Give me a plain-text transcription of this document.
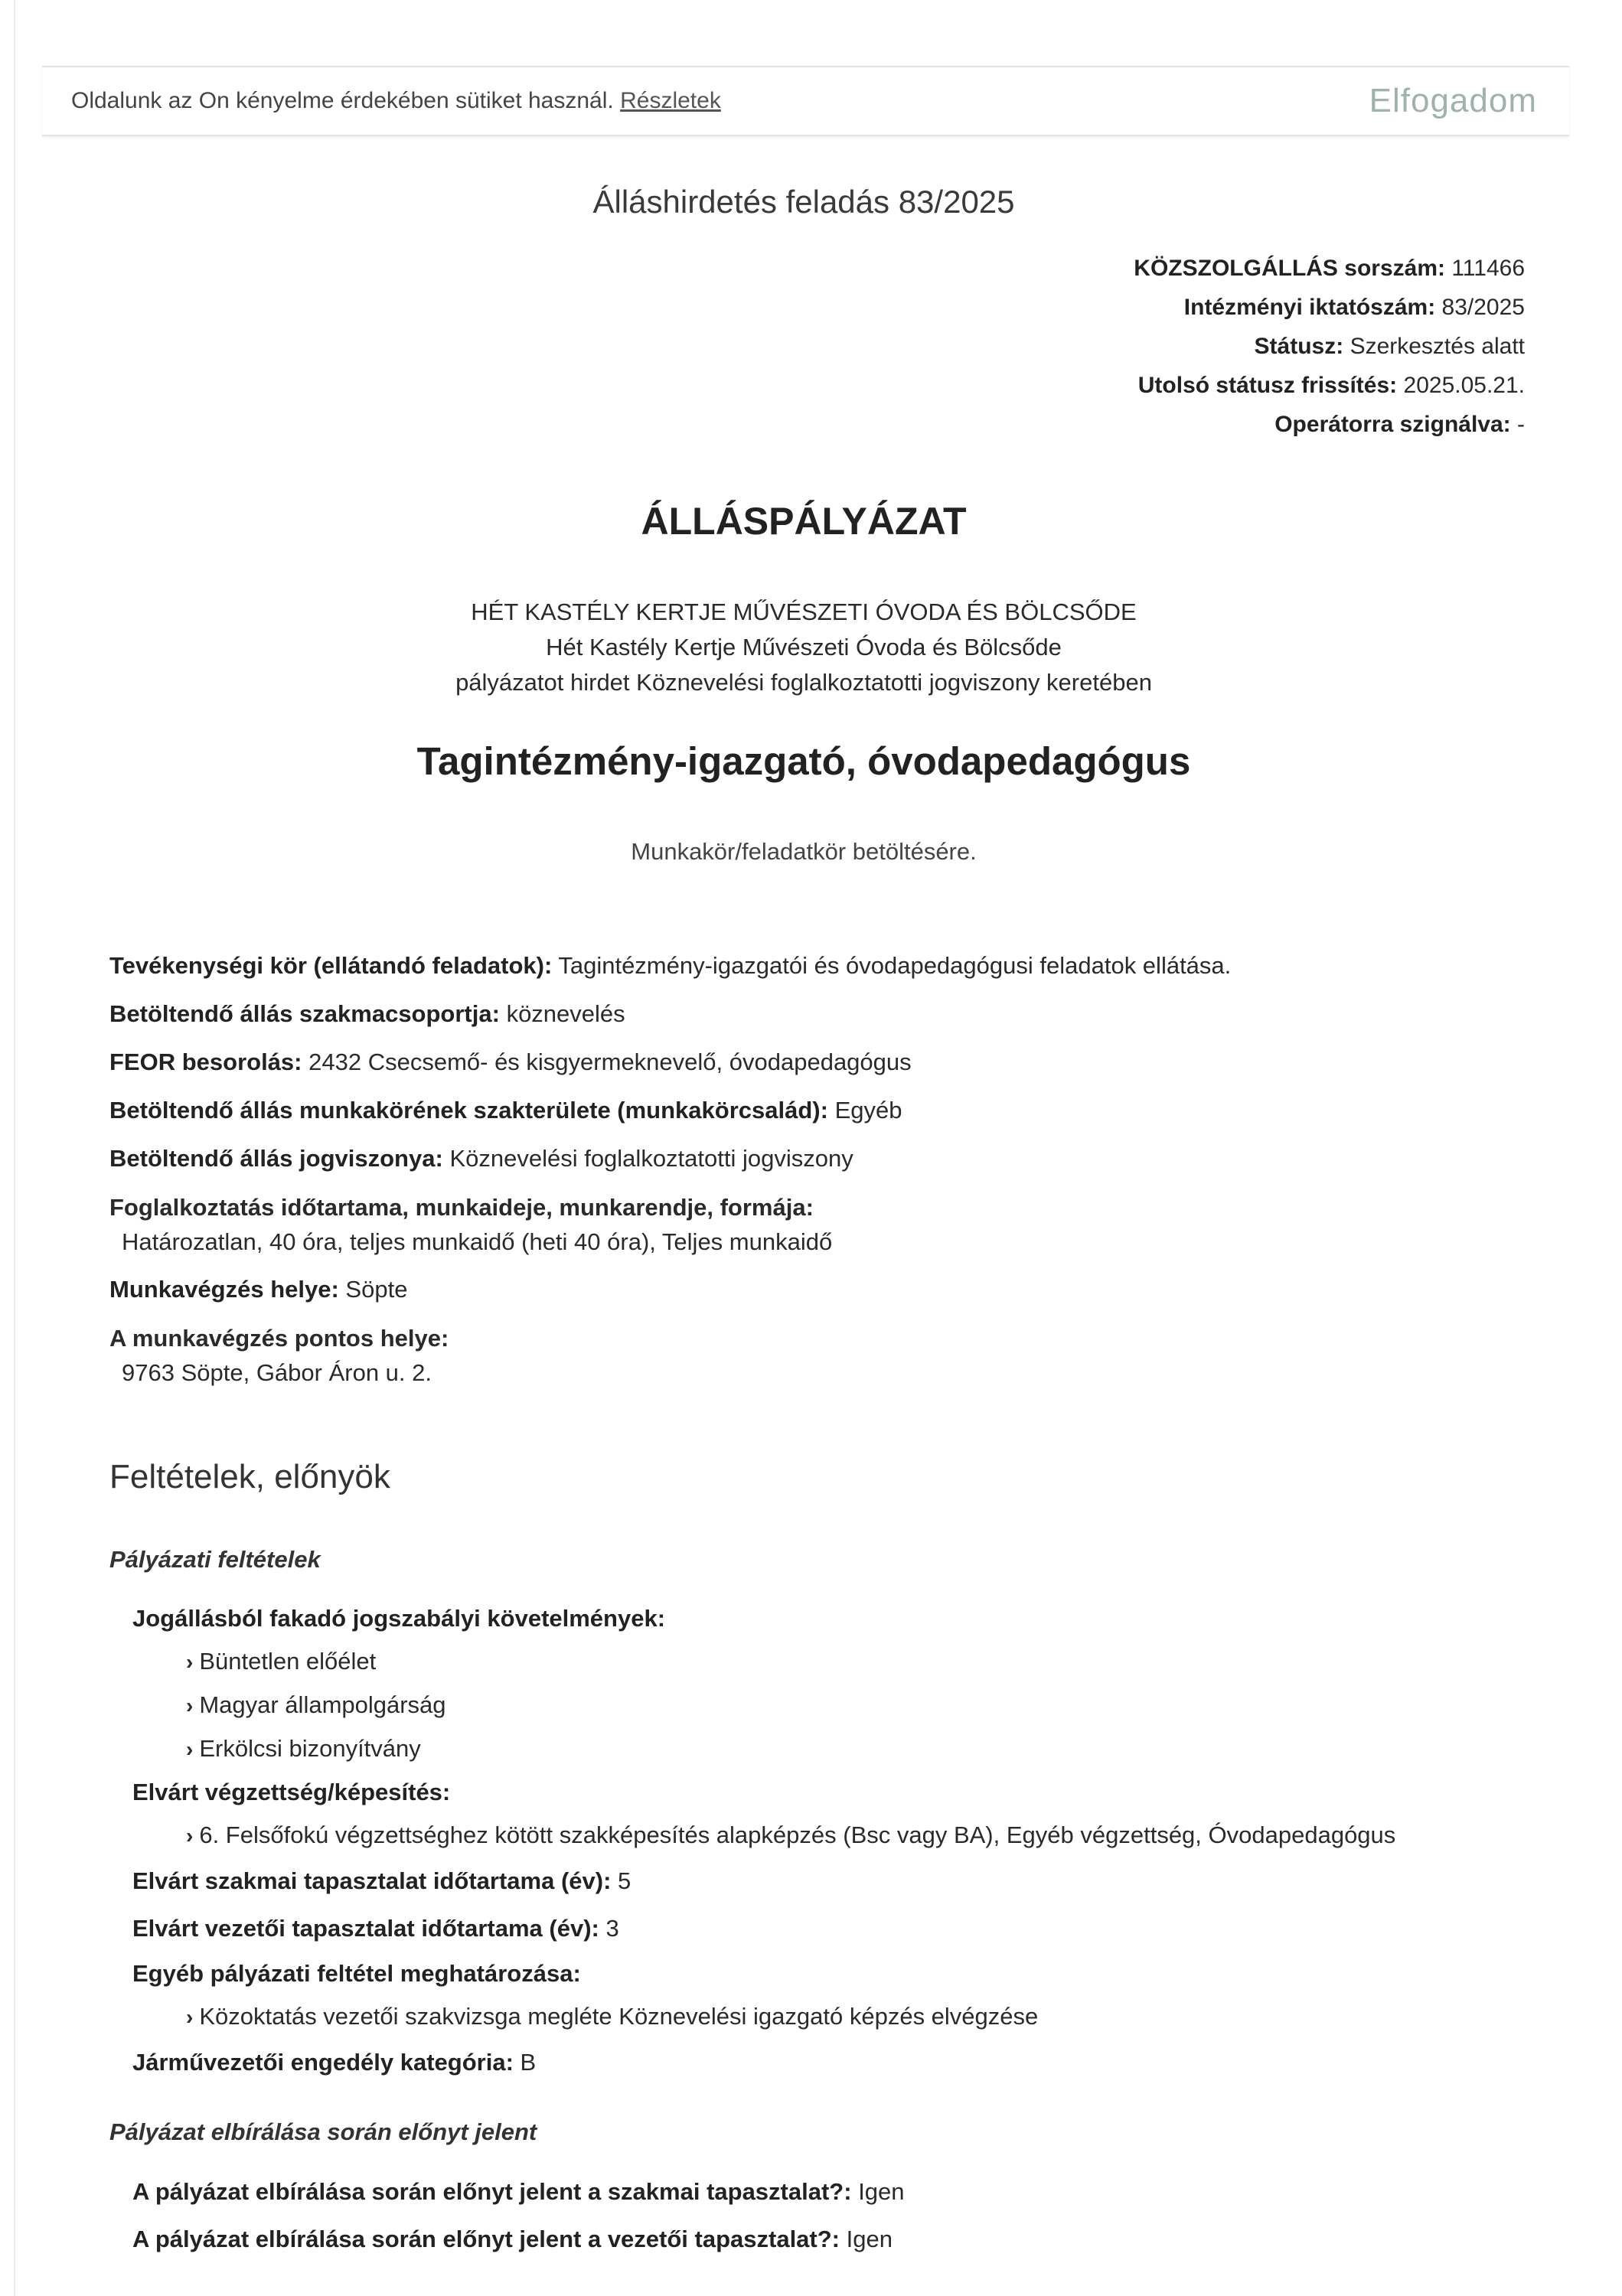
Oldalunk az On kényelme érdekében sütiket használ. Részletek	Elfogadom
Álláshirdetés feladás 83/2025
KÖZSZOLGÁLLÁS sorszám: 111466
Intézményi iktatószám: 83/2025
Státusz: Szerkesztés alatt
Utolsó státusz frissítés: 2025.05.21.
Operátorra szignálva: -
ÁLLÁSPÁLYÁZAT
HÉT KASTÉLY KERTJE MŰVÉSZETI ÓVODA ÉS BÖLCSŐDE
Hét Kastély Kertje Művészeti Óvoda és Bölcsőde
pályázatot hirdet Köznevelési foglalkoztatotti jogviszony keretében
Tagintézmény-igazgató, óvodapedagógus
Munkakör/feladatkör betöltésére.
Tevékenységi kör (ellátandó feladatok): Tagintézmény-igazgatói és óvodapedagógusi feladatok ellátása.
Betöltendő állás szakmacsoportja: köznevelés
FEOR besorolás: 2432 Csecsemő- és kisgyermeknevelő, óvodapedagógus
Betöltendő állás munkakörének szakterülete (munkakörcsalád): Egyéb
Betöltendő állás jogviszonya: Köznevelési foglalkoztatotti jogviszony
Foglalkoztatás időtartama, munkaideje, munkarendje, formája:
Határozatlan, 40 óra, teljes munkaidő (heti 40 óra), Teljes munkaidő
Munkavégzés helye: Söpte
A munkavégzés pontos helye:
9763 Söpte, Gábor Áron u. 2.
Feltételek, előnyök
Pályázati feltételek
Jogállásból fakadó jogszabályi követelmények:
› Büntetlen előélet
› Magyar állampolgárság
› Erkölcsi bizonyítvány
Elvárt végzettség/képesítés:
› 6. Felsőfokú végzettséghez kötött szakképesítés alapképzés (Bsc vagy BA), Egyéb végzettség, Óvodapedagógus
Elvárt szakmai tapasztalat időtartama (év): 5
Elvárt vezetői tapasztalat időtartama (év): 3
Egyéb pályázati feltétel meghatározása:
› Közoktatás vezetői szakvizsga megléte Köznevelési igazgató képzés elvégzése
Járművezetői engedély kategória: B
Pályázat elbírálása során előnyt jelent
A pályázat elbírálása során előnyt jelent a szakmai tapasztalat?: Igen
A pályázat elbírálása során előnyt jelent a vezetői tapasztalat?: Igen
